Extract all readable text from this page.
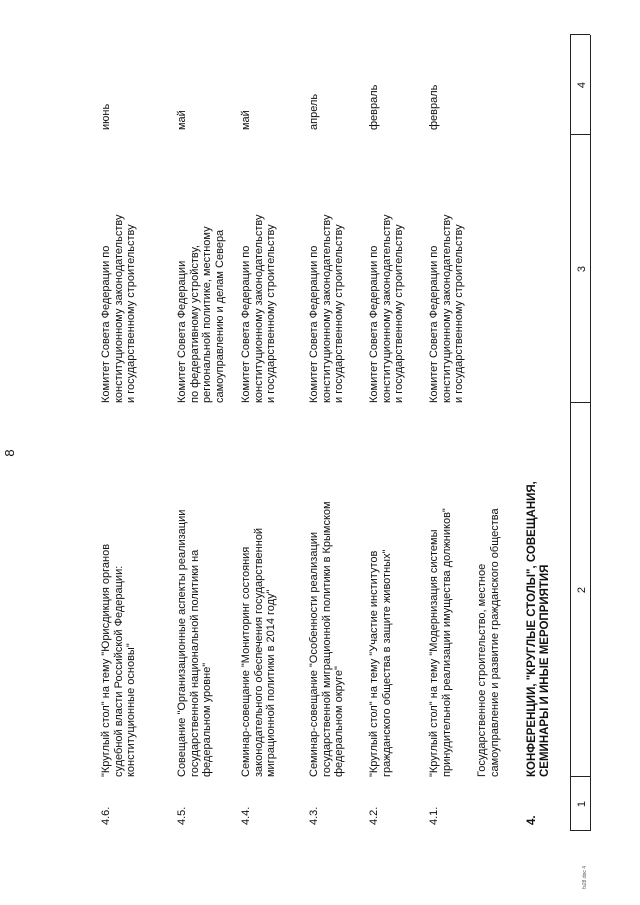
8
1
2
3
4
4.
КОНФЕРЕНЦИИ, "КРУГЛЫЕ СТОЛЫ", СОВЕЩАНИЯ,
СЕМИНАРЫ И ИНЫЕ МЕРОПРИЯТИЯ
Государственное строительство, местное
самоуправление и развитие гражданского общества
4.1.
"Круглый стол" на тему "Модернизация системы
принудительной реализации имущества должников"
Комитет Совета Федерации по
конституционному законодательству
и государственному строительству
февраль
4.2.
"Круглый стол" на тему "Участие институтов
гражданского общества в защите животных"
Комитет Совета Федерации по
конституционному законодательству
и государственному строительству
февраль
4.3.
Семинар-совещание "Особенности реализации
государственной миграционной политики в Крымском
федеральном округе"
Комитет Совета Федерации по
конституционному законодательству
и государственному строительству
апрель
4.4.
Семинар-совещание "Мониторинг состояния
законодательного обеспечения государственной
миграционной политики в 2014 году"
Комитет Совета Федерации по
конституционному законодательству
и государственному строительству
май
4.5.
Совещание "Организационные аспекты реализации
государственной национальной политики на
федеральном уровне"
Комитет Совета Федерации
по федеративному устройству,
региональной политике, местному
самоуправлению и делам Севера
май
4.6.
"Круглый стол" на тему "Юрисдикция органов
судебной власти Российской Федерации:
конституционные основы"
Комитет Совета Федерации по
конституционному законодательству
и государственному строительству
июнь
fs28.doc 4
